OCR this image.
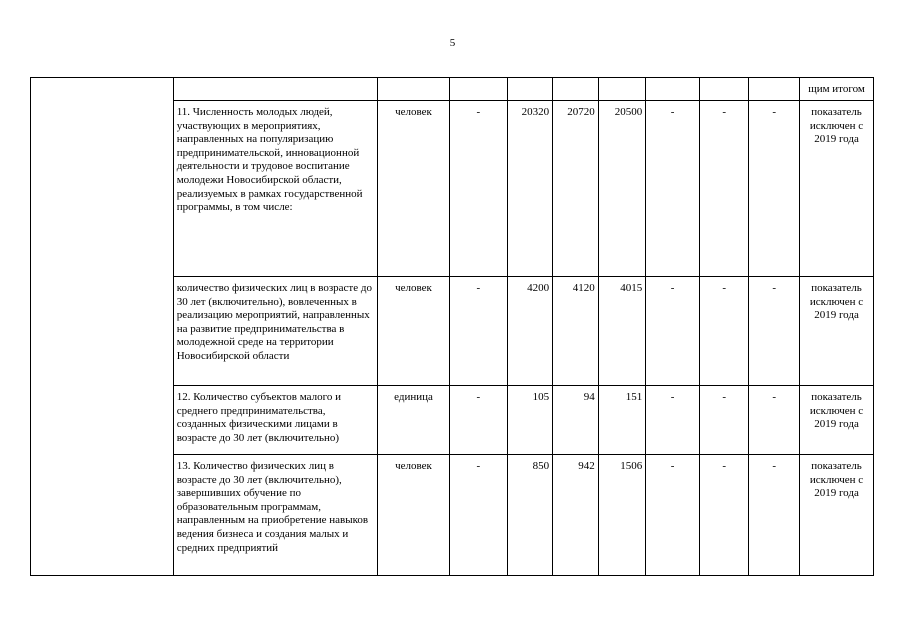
5
										щим итогом
	11. Численность молодых людей, участвующих в мероприятиях, направленных на популяризацию предпринимательской, инновационной деятельности и трудовое воспитание молодежи Новосибирской области, реализуемых в рамках государственной программы, в том числе:	человек	-	20320	20720	20500	-	-	-	показатель исключен с 2019 года
	количество физических лиц в возрасте до 30 лет (включительно), вовлеченных в реализацию мероприятий, направленных на развитие предпринимательства в молодежной среде на территории Новосибирской области	человек	-	4200	4120	4015	-	-	-	показатель исключен с 2019 года
	12. Количество субъектов малого и среднего предпринимательства, созданных физическими лицами в возрасте до 30 лет (включительно)	единица	-	105	94	151	-	-	-	показатель исключен с 2019 года
	13. Количество физических лиц в возрасте до 30 лет (включительно), завершивших обучение по образовательным программам, направленным на приобретение навыков ведения бизнеса и создания малых и средних предприятий	человек	-	850	942	1506	-	-	-	показатель исключен с 2019 года
